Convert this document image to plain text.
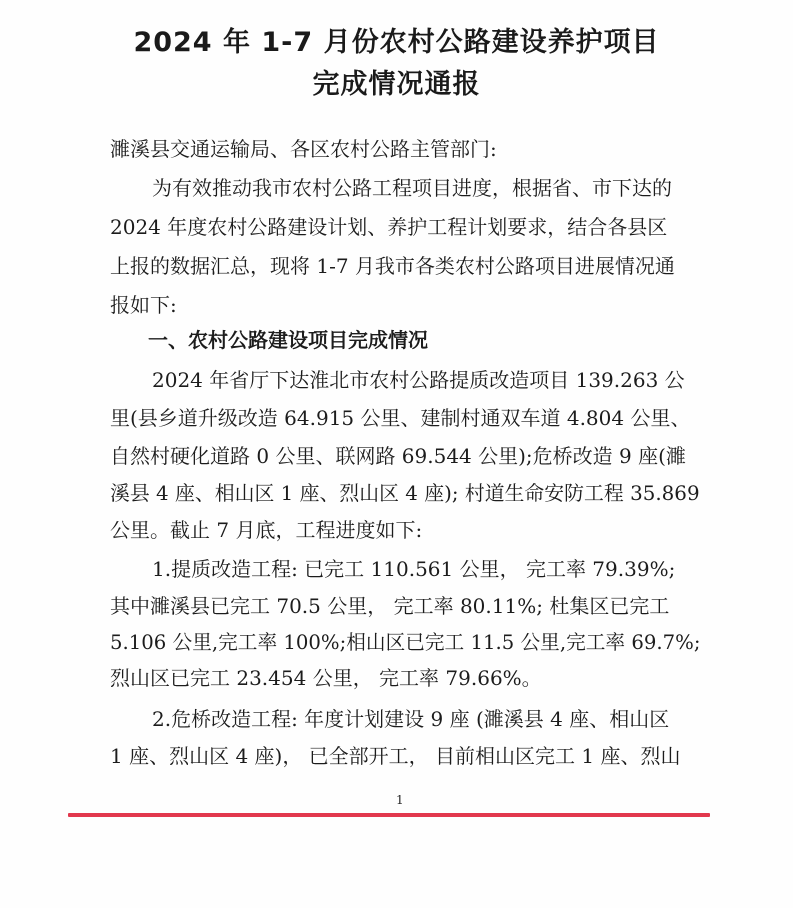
2024 年 1-7 月份农村公路建设养护项目
完成情况通报
濉溪县交通运输局、各区农村公路主管部门:
为有效推动我市农村公路工程项目进度，根据省、市下达的
2024 年度农村公路建设计划、养护工程计划要求，结合各县区
上报的数据汇总，现将 1-7 月我市各类农村公路项目进展情况通
报如下:
一、农村公路建设项目完成情况
2024 年省厅下达淮北市农村公路提质改造项目 139.263 公
里(县乡道升级改造 64.915 公里、建制村通双车道 4.804 公里、
自然村硬化道路 0 公里、联网路 69.544 公里);危桥改造 9 座(濉
溪县 4 座、相山区 1 座、烈山区 4 座); 村道生命安防工程 35.869
公里。截止 7 月底，工程进度如下:
1.提质改造工程: 已完工 110.561 公里， 完工率 79.39%;
其中濉溪县已完工 70.5 公里， 完工率 80.11%; 杜集区已完工
5.106 公里,完工率 100%;相山区已完工 11.5 公里,完工率 69.7%;
烈山区已完工 23.454 公里， 完工率 79.66%。
2.危桥改造工程: 年度计划建设 9 座 (濉溪县 4 座、相山区
1 座、烈山区 4 座)， 已全部开工， 目前相山区完工 1 座、烈山
1
